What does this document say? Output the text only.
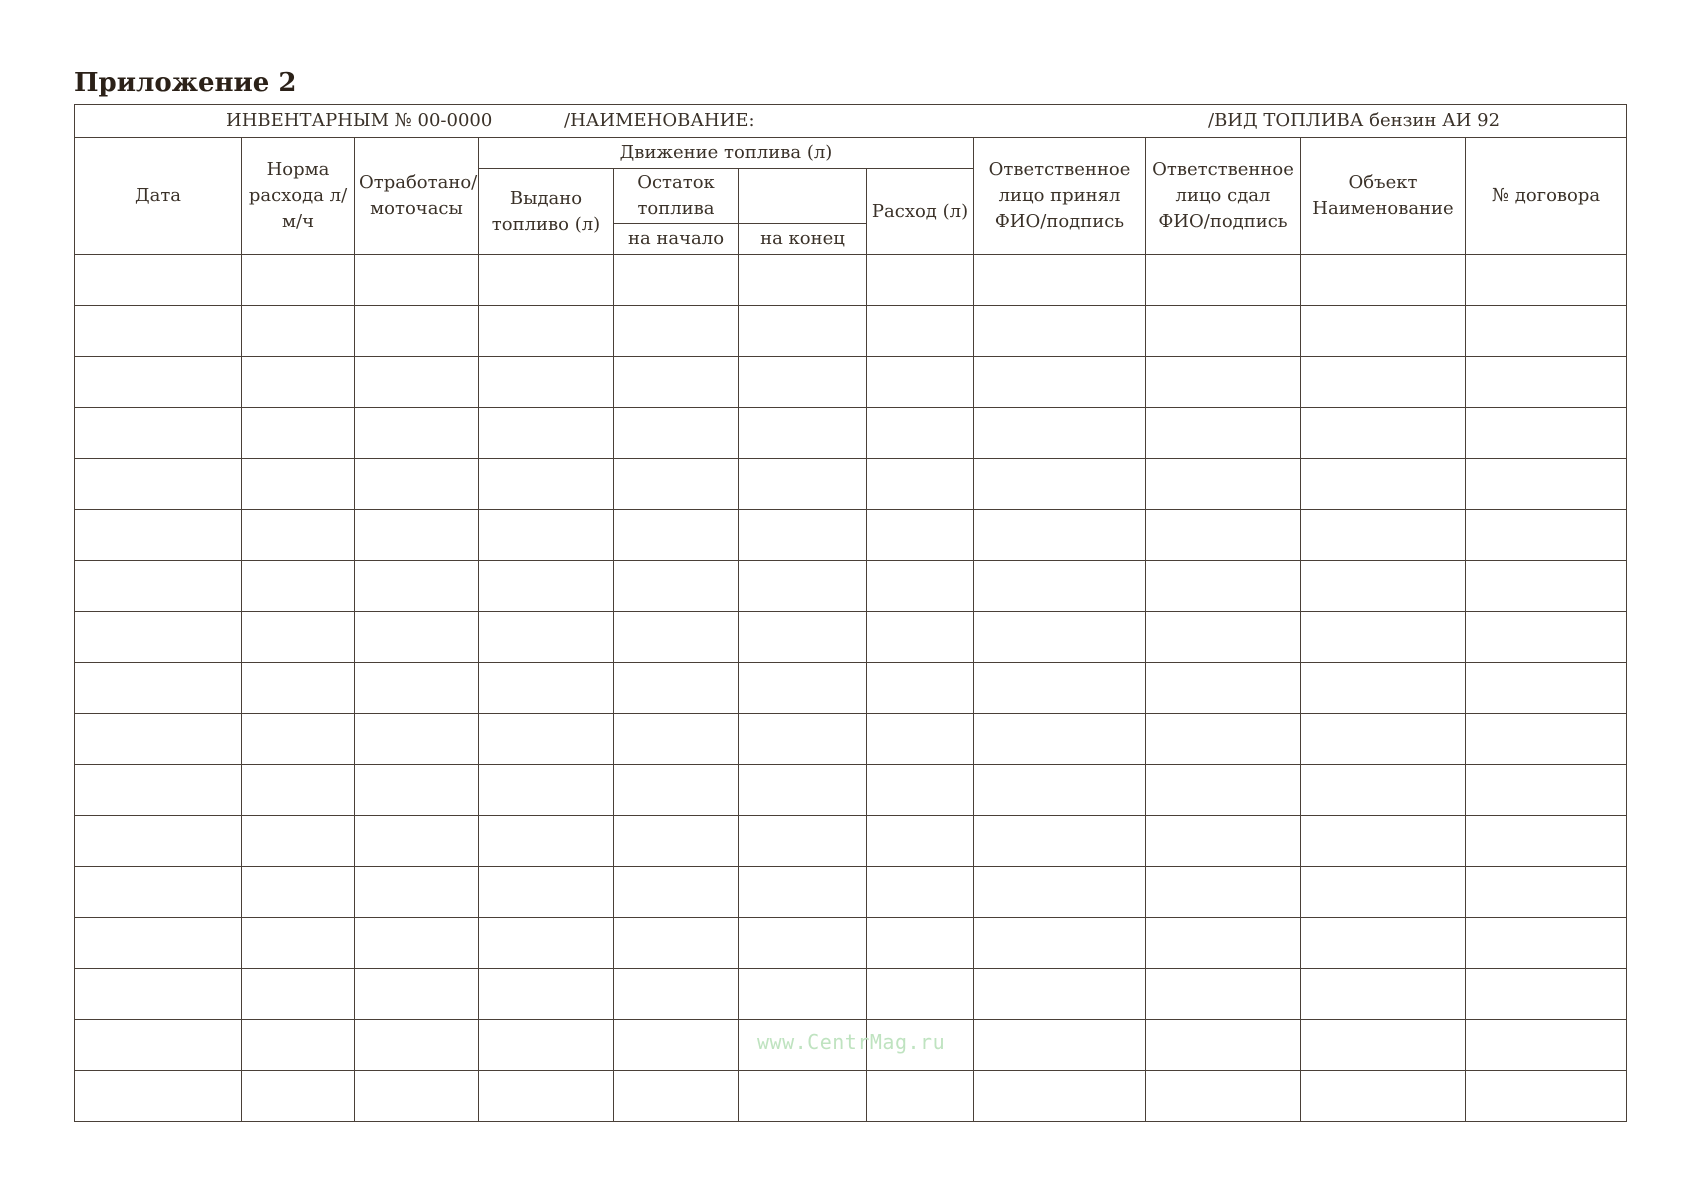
Приложение 2
ИНВЕНТАРНЫМ № 00-0000 /НАИМЕНОВАНИЕ: /ВИД ТОПЛИВА бензин АИ 92										

Дата	Норма расхода л/м/ч	Отработано/ моточасы	Движение топлива (л)				Ответственное лицо принял ФИО/подпись	Ответственное лицо сдал ФИО/подпись	Объект Наименование	№ договора
			Выдано топливо (л)	Остаток топлива		Расход (л)				
				на начало	на конец					

www.CentrMag.ru
